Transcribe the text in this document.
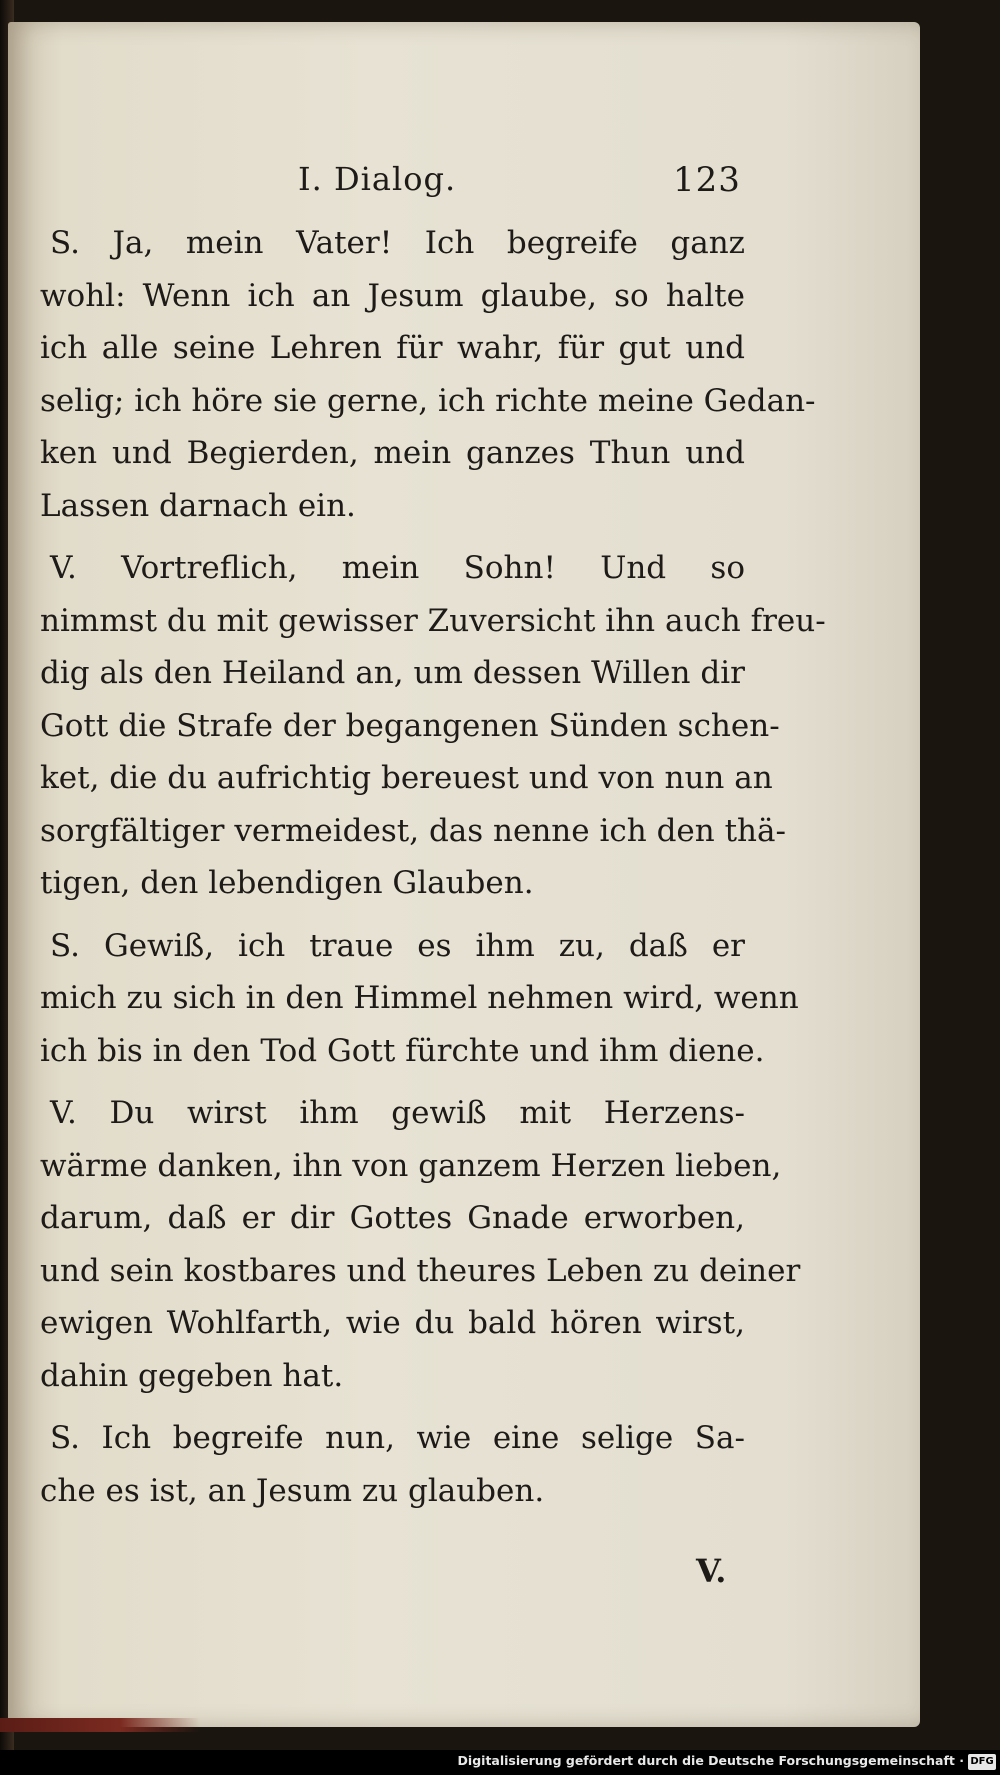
I. Dialog.	123
S. Ja, mein Vater! Ich begreife ganz
wohl: Wenn ich an Jesum glaube, so halte
ich alle seine Lehren für wahr, für gut und
selig; ich höre sie gerne, ich richte meine Gedan-
ken und Begierden, mein ganzes Thun und
Lassen darnach ein.
V. Vortreflich, mein Sohn! Und so
nimmst du mit gewisser Zuversicht ihn auch freu-
dig als den Heiland an, um dessen Willen dir
Gott die Strafe der begangenen Sünden schen-
ket, die du aufrichtig bereuest und von nun an
sorgfältiger vermeidest, das nenne ich den thä-
tigen, den lebendigen Glauben.
S. Gewiß, ich traue es ihm zu, daß er
mich zu sich in den Himmel nehmen wird, wenn
ich bis in den Tod Gott fürchte und ihm diene.
V. Du wirst ihm gewiß mit Herzens-
wärme danken, ihn von ganzem Herzen lieben,
darum, daß er dir Gottes Gnade erworben,
und sein kostbares und theures Leben zu deiner
ewigen Wohlfarth, wie du bald hören wirst,
dahin gegeben hat.
S. Ich begreife nun, wie eine selige Sa-
che es ist, an Jesum zu glauben.
V.
Digitalisierung gefördert durch die Deutsche Forschungsgemeinschaft · DFG
